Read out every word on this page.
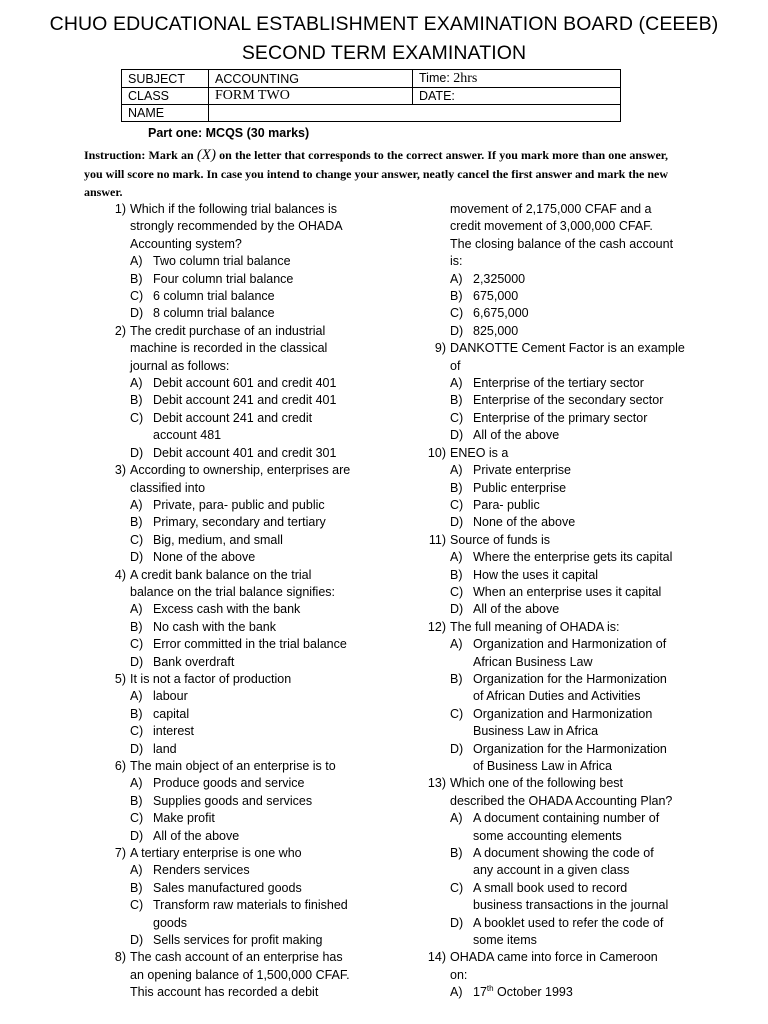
CHUO EDUCATIONAL ESTABLISHMENT EXAMINATION BOARD (CEEEB)
SECOND TERM EXAMINATION
SUBJECT	ACCOUNTING	Time: 2hrs
CLASS	FORM TWO	DATE:
NAME		
Part one: MCQS (30 marks)
Instruction: Mark an (X) on the letter that corresponds to the correct answer. If you mark more than one answer, you will score no mark. In case you intend to change your answer, neatly cancel the first answer and mark the new answer.
1) Which if the following trial balances is
strongly recommended by the OHADA
Accounting system?
A) Two column trial balance
B) Four column trial balance
C) 6 column trial balance
D) 8 column trial balance
2) The credit purchase of an industrial
machine is recorded in the classical
journal as follows:
A) Debit account 601 and credit 401
B) Debit account 241 and credit 401
C) Debit account 241 and credit
account 481
D) Debit account 401 and credit 301
3) According to ownership, enterprises are
classified into
A) Private, para- public and public
B) Primary, secondary and tertiary
C) Big, medium, and small
D) None of the above
4) A credit bank balance on the trial
balance on the trial balance signifies:
A) Excess cash with the bank
B) No cash with the bank
C) Error committed in the trial balance
D) Bank overdraft
5) It is not a factor of production
A) labour
B) capital
C) interest
D) land
6) The main object of an enterprise is to
A) Produce goods and service
B) Supplies goods and services
C) Make profit
D) All of the above
7) A tertiary enterprise is one who
A) Renders services
B) Sales manufactured goods
C) Transform raw materials to finished
goods
D) Sells services for profit making
8) The cash account of an enterprise has
an opening balance of 1,500,000 CFAF.
This account has recorded a debit
movement of 2,175,000 CFAF and a
credit movement of 3,000,000 CFAF.
The closing balance of the cash account
is:
A) 2,325000
B) 675,000
C) 6,675,000
D) 825,000
9) DANKOTTE Cement Factor is an example
of
A) Enterprise of the tertiary sector
B) Enterprise of the secondary sector
C) Enterprise of the primary sector
D) All of the above
10) ENEO is a
A) Private enterprise
B) Public enterprise
C) Para- public
D) None of the above
11) Source of funds is
A) Where the enterprise gets its capital
B) How the uses it capital
C) When an enterprise uses it capital
D) All of the above
12) The full meaning of OHADA is:
A) Organization and Harmonization of
African Business Law
B) Organization for the Harmonization
of African Duties and Activities
C) Organization and Harmonization
Business Law in Africa
D) Organization for the Harmonization
of Business Law in Africa
13) Which one of the following best
described the OHADA Accounting Plan?
A) A document containing number of
some accounting elements
B) A document showing the code of
any account in a given class
C) A small book used to record
business transactions in the journal
D) A booklet used to refer the code of
some items
14) OHADA came into force in Cameroon
on:
A) 17th October 1993
